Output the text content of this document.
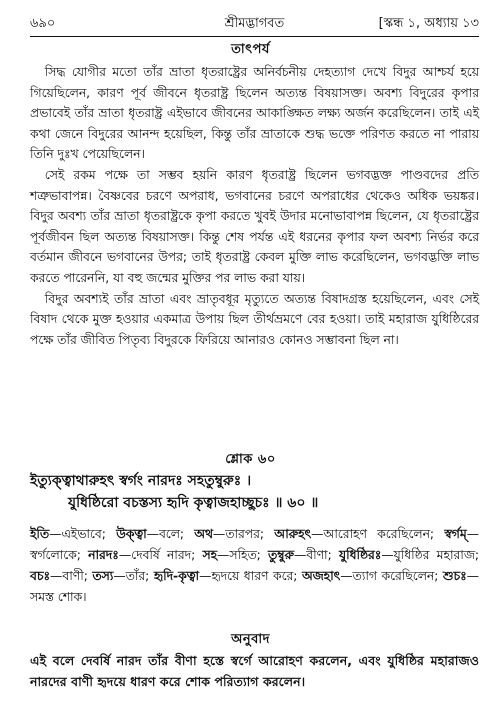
৬৯০	শ্রীমদ্ভাগবত	[স্কন্ধ ১, অধ্যায় ১৩
তাৎপর্য

সিদ্ধ যোগীর মতো তাঁর ভ্রাতা ধৃতরাষ্ট্রের অনির্বচনীয় দেহত্যাগ দেখে বিদুর আশ্চর্য হয়ে গিয়েছিলেন, কারণ পূর্ব জীবনে ধৃতরাষ্ট্র ছিলেন অত্যন্ত বিষয়াসক্ত। অবশ্য বিদুরের কৃপার প্রভাবেই তাঁর ভ্রাতা ধৃতরাষ্ট্র এইভাবে জীবনের আকাঙ্ক্ষিত লক্ষ্য অর্জন করেছিলেন। তাই এই কথা জেনে বিদুরের আনন্দ হয়েছিল, কিন্তু তাঁর ভ্রাতাকে শুদ্ধ ভক্তে পরিণত করতে না পারায় তিনি দুঃখ পেয়েছিলেন।

সেই রকম পক্ষে তা সম্ভব হয়নি কারণ ধৃতরাষ্ট্র ছিলেন ভগবদ্ভক্ত পাণ্ডবদের প্রতি শত্রুভাবাপন্ন। বৈষ্ণবের চরণে অপরাধ, ভগবানের চরণে অপরাধের থেকেও অধিক ভয়ঙ্কর। বিদুর অবশ্য তাঁর ভ্রাতা ধৃতরাষ্ট্রকে কৃপা করতে খুবই উদার মনোভাবাপন্ন ছিলেন, যে ধৃতরাষ্ট্রের পূর্বজীবন ছিল অত্যন্ত বিষয়াসক্ত। কিন্তু শেষ পর্যন্ত এই ধরনের কৃপার ফল অবশ্য নির্ভর করে বর্তমান জীবনে ভগবানের উপর; তাই ধৃতরাষ্ট্র কেবল মুক্তি লাভ করেছিলেন, ভগবদ্ভক্তি লাভ করতে পারেননি, যা বহু জন্মের মুক্তির পর লাভ করা যায়।

বিদুর অবশ্যই তাঁর ভ্রাতা এবং ভ্রাতৃবধূর মৃত্যুতে অত্যন্ত বিষাদগ্রস্ত হয়েছিলেন, এবং সেই বিষাদ থেকে মুক্ত হওয়ার একমাত্র উপায় ছিল তীর্থভ্রমণে বের হওয়া। তাই মহারাজ যুধিষ্ঠিরের পক্ষে তাঁর জীবিত পিতৃব্য বিদুরকে ফিরিয়ে আনারও কোনও সম্ভাবনা ছিল না।

শ্লোক ৬০
ইত্যুক্ত্বাথারুহৎ স্বর্গং নারদঃ সহতুম্বুরুঃ ।
যুধিষ্ঠিরো বচস্তস্য হৃদি কৃত্বাজহাচ্ছুচঃ ॥ ৬০ ॥
ইতি—এইভাবে; উক্ত্বা—বলে; অথ—তারপর; আরুহৎ—আরোহণ করেছিলেন; স্বর্গম্—স্বর্গলোকে; নারদঃ—দেবর্ষি নারদ; সহ—সহিত; তুম্বুরু—বীণা; যুধিষ্ঠিরঃ—যুধিষ্ঠির মহারাজ; বচঃ—বাণী; তস্য—তাঁর; হৃদি-কৃত্বা—হৃদয়ে ধারণ করে; অজহাৎ—ত্যাগ করেছিলেন; শুচঃ—সমস্ত শোক।
অনুবাদ
এই বলে দেবর্ষি নারদ তাঁর বীণা হস্তে স্বর্গে আরোহণ করলেন, এবং যুধিষ্ঠির মহারাজও নারদের বাণী হৃদয়ে ধারণ করে শোক পরিত্যাগ করলেন।
